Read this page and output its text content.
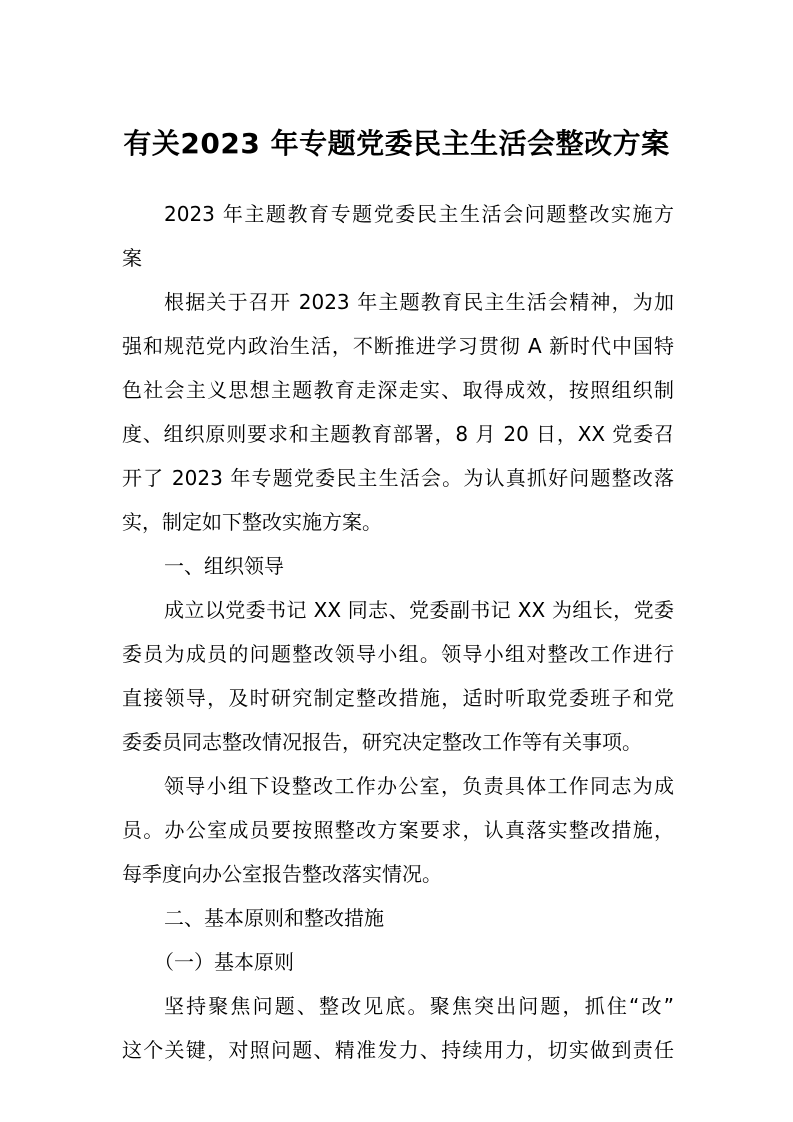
有关2023 年专题党委民主生活会整改方案
2023 年主题教育专题党委民主生活会问题整改实施方
案
根据关于召开 2023 年主题教育民主生活会精神，为加
强和规范党内政治生活，不断推进学习贯彻 A 新时代中国特
色社会主义思想主题教育走深走实、取得成效，按照组织制
度、组织原则要求和主题教育部署，8 月 20 日，XX 党委召
开了 2023 年专题党委民主生活会。为认真抓好问题整改落
实，制定如下整改实施方案。
一、组织领导
成立以党委书记 XX 同志、党委副书记 XX 为组长，党委
委员为成员的问题整改领导小组。领导小组对整改工作进行
直接领导，及时研究制定整改措施，适时听取党委班子和党
委委员同志整改情况报告，研究决定整改工作等有关事项。
领导小组下设整改工作办公室，负责具体工作同志为成
员。办公室成员要按照整改方案要求，认真落实整改措施，
每季度向办公室报告整改落实情况。
二、基本原则和整改措施
（一）基本原则
坚持聚焦问题、整改见底。聚焦突出问题，抓住“改”
这个关键，对照问题、精准发力、持续用力，切实做到责任
